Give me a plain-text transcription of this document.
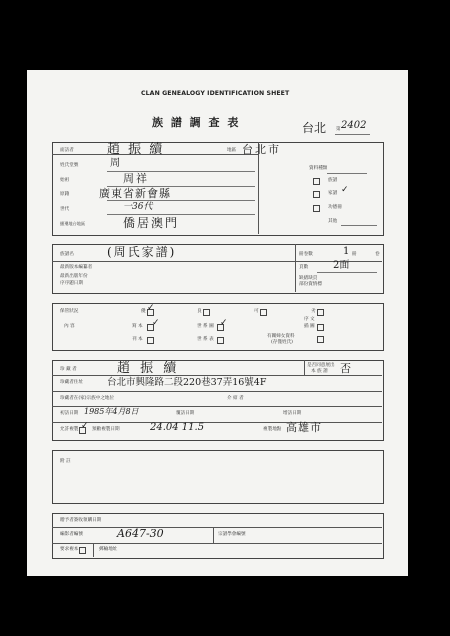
CLAN GENEALOGY IDENTIFICATION SHEET
族 譜 調 查 表	台北 第 2402
面訪者	趙 振 續	地區 台北市
姓氏堂號	周
始祖	周祥
原籍	廣東省新會縣
世代	一36代
播遷地台地區	僑居澳門
資料種類
族譜
家譜 ✓
功德冊
其他
族譜名	(周氏家譜)	冊卷數	1 冊	卷
最新版本編纂者	頁數 2面
最新出版年份
序序題日期
缺繕缺頁
部份資情標
保管狀況	優 ✓	良	可	劣
內 容	寫 本 ✓	世 系 圖 ✓	插 圖
刊 本	世 系 表
有關婦女資料
(存僅姓氏)
序 文
珍 藏 者	趙 振 續	是否同意展出
本 族 譜 否
珍藏者住址	台北市興隆路二段220巷37弄16號4F
珍藏者在(家)宗族中之地位	介 紹 者
初訪日期 1985年4月8日	覆訪日期	增訪日期
允許複製 ✓ 預敝複製日期	24.04 11.5	複製地點 高雄市
附 註
贈予者簽收領購日期
編影者編號	A647-30	宗譜學會編號
要求複本	郵輸地址
